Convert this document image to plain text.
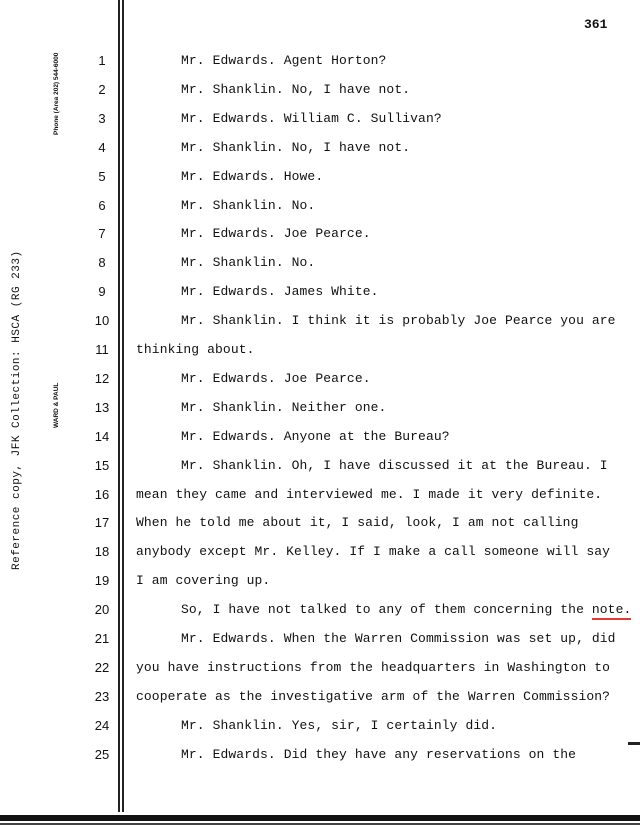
Reference copy, JFK Collection: HSCA (RG 233)
Phone (Area 202) 544-6000
WARD & PAUL
361
1	Mr. Edwards. Agent Horton?
2	Mr. Shanklin. No, I have not.
3	Mr. Edwards. William C. Sullivan?
4	Mr. Shanklin. No, I have not.
5	Mr. Edwards. Howe.
6	Mr. Shanklin. No.
7	Mr. Edwards. Joe Pearce.
8	Mr. Shanklin. No.
9	Mr. Edwards. James White.
10	Mr. Shanklin. I think it is probably Joe Pearce you are
11	thinking about.
12	Mr. Edwards. Joe Pearce.
13	Mr. Shanklin. Neither one.
14	Mr. Edwards. Anyone at the Bureau?
15	Mr. Shanklin. Oh, I have discussed it at the Bureau. I
16	mean they came and interviewed me. I made it very definite.
17	When he told me about it, I said, look, I am not calling
18	anybody except Mr. Kelley. If I make a call someone will say
19	I am covering up.
20	So, I have not talked to any of them concerning the note.
21	Mr. Edwards. When the Warren Commission was set up, did
22	you have instructions from the headquarters in Washington to
23	cooperate as the investigative arm of the Warren Commission?
24	Mr. Shanklin. Yes, sir, I certainly did.
25	Mr. Edwards. Did they have any reservations on the
